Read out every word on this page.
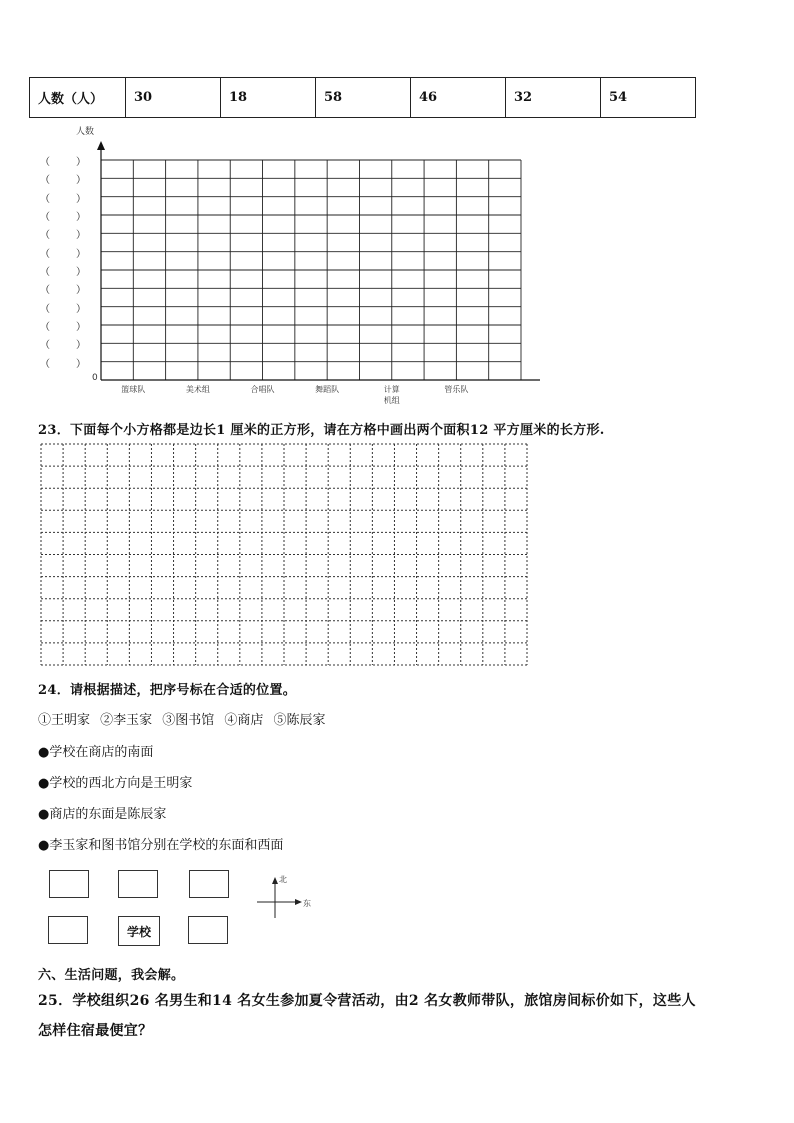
人数（人）	30	18	58	46	32	54
人数
0
（	）
（	）
（	）
（	）
（	）
（	）
（	）
（	）
（	）
（	）
（	）
（	）
篮球队	美术组	合唱队	舞蹈队	计算
机组
管乐队
23．下面每个小方格都是边长1 厘米的正方形，请在方格中画出两个面积12 平方厘米的长方形.
24．请根据描述，把序号标在合适的位置。
①王明家 ②李玉家 ③图书馆 ④商店 ⑤陈辰家
●学校在商店的南面
●学校的西北方向是王明家
●商店的东面是陈辰家
●李玉家和图书馆分别在学校的东面和西面
学校
北
东
六、生活问题，我会解。
25．学校组织26 名男生和14 名女生参加夏令营活动，由2 名女教师带队，旅馆房间标价如下，这些人
怎样住宿最便宜？
